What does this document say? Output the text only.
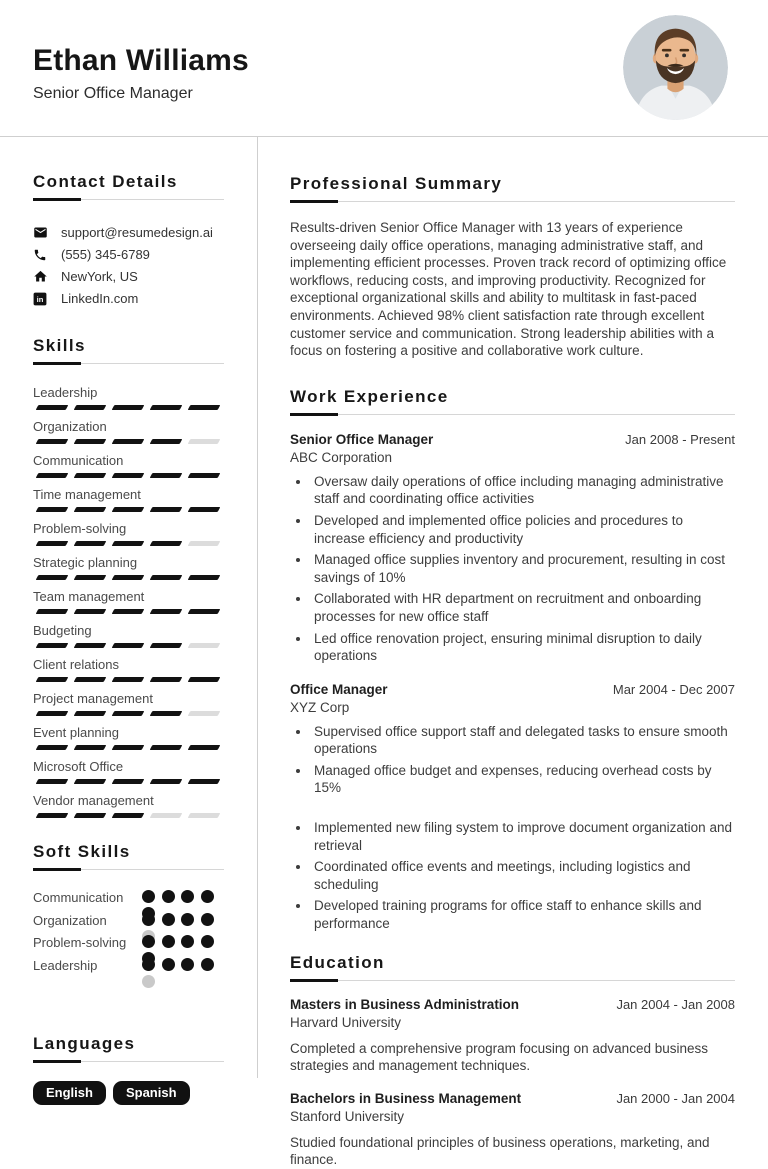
Ethan Williams
Senior Office Manager
Contact Details
support@resumedesign.ai
(555) 345-6789
NewYork, US
in LinkedIn.com
Skills
Leadership
Organization
Communication
Time management
Problem-solving
Strategic planning
Team management
Budgeting
Client relations
Project management
Event planning
Microsoft Office
Vendor management
Soft Skills
Communication
Organization
Problem-solving
Leadership
Languages
English	Spanish
Professional Summary

Results-driven Senior Office Manager with 13 years of experience overseeing daily office operations, managing administrative staff, and implementing efficient processes. Proven track record of optimizing office workflows, reducing costs, and improving productivity. Recognized for exceptional organizational skills and ability to multitask in fast-paced environments. Achieved 98% client satisfaction rate through excellent customer service and communication. Strong leadership abilities with a focus on fostering a positive and collaborative work culture.

Work Experience
Senior Office Manager	Jan 2008 - Present
ABC Corporation
• Oversaw daily operations of office including managing administrative staff and coordinating office activities
• Developed and implemented office policies and procedures to increase efficiency and productivity
• Managed office supplies inventory and procurement, resulting in cost savings of 10%
• Collaborated with HR department on recruitment and onboarding processes for new office staff
• Led office renovation project, ensuring minimal disruption to daily operations
Office Manager	Mar 2004 - Dec 2007
XYZ Corp
• Supervised office support staff and delegated tasks to ensure smooth operations
• Managed office budget and expenses, reducing overhead costs by 15%
• Implemented new filing system to improve document organization and retrieval
• Coordinated office events and meetings, including logistics and scheduling
• Developed training programs for office staff to enhance skills and performance
Education
Masters in Business Administration	Jan 2004 - Jan 2008
Harvard University

Completed a comprehensive program focusing on advanced business strategies and management techniques.

Bachelors in Business Management	Jan 2000 - Jan 2004
Stanford University

Studied foundational principles of business operations, marketing, and finance.
